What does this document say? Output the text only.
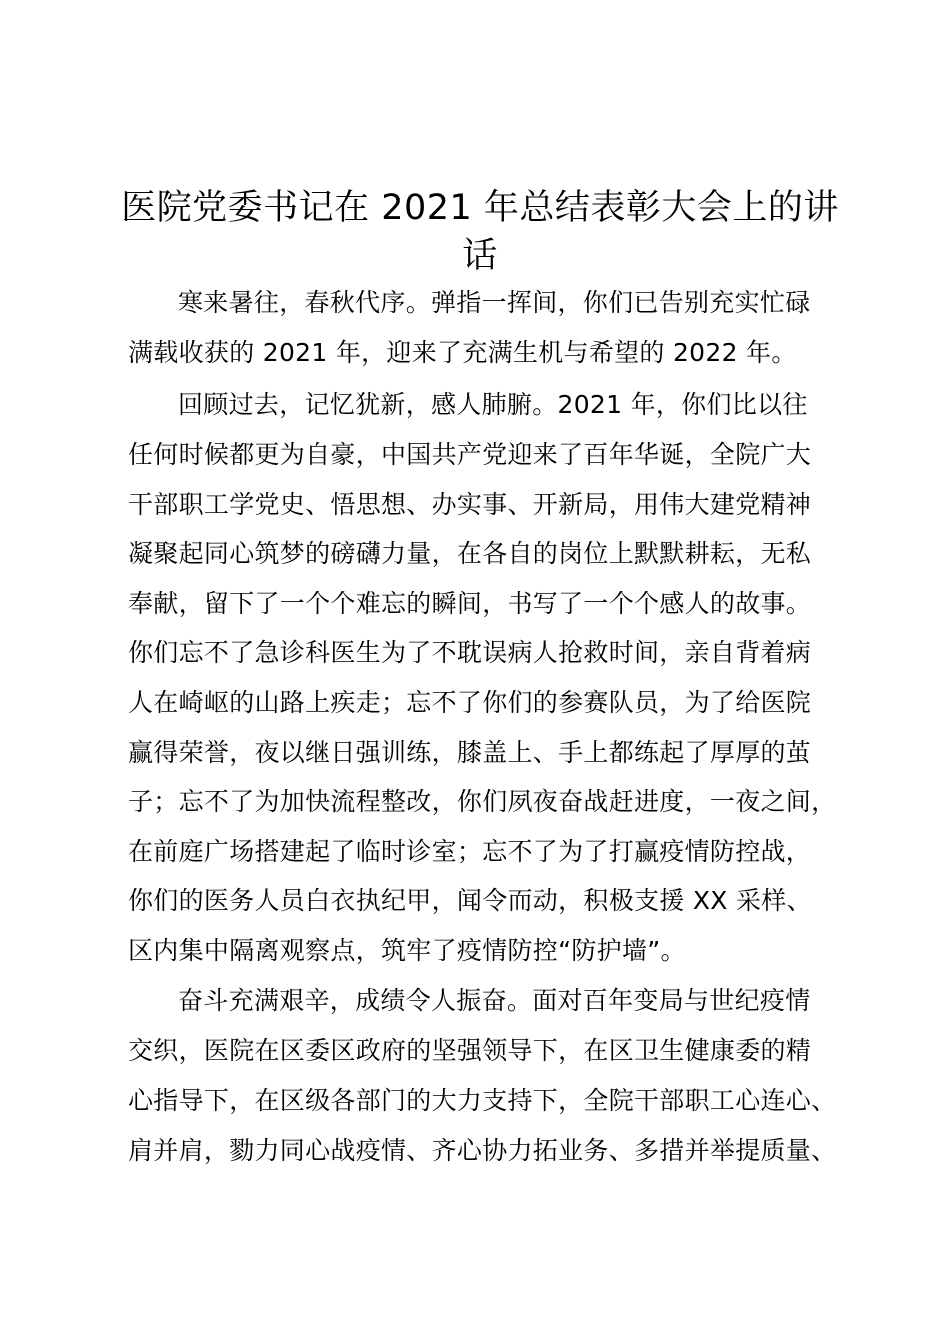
医院党委书记在 2021 年总结表彰大会上的讲
话
寒来暑往，春秋代序。弹指一挥间，你们已告别充实忙碌
满载收获的 2021 年，迎来了充满生机与希望的 2022 年。
回顾过去，记忆犹新，感人肺腑。2021 年，你们比以往
任何时候都更为自豪，中国共产党迎来了百年华诞，全院广大
干部职工学党史、悟思想、办实事、开新局，用伟大建党精神
凝聚起同心筑梦的磅礴力量，在各自的岗位上默默耕耘，无私
奉献，留下了一个个难忘的瞬间，书写了一个个感人的故事。
你们忘不了急诊科医生为了不耽误病人抢救时间，亲自背着病
人在崎岖的山路上疾走；忘不了你们的参赛队员，为了给医院
赢得荣誉，夜以继日强训练，膝盖上、手上都练起了厚厚的茧
子；忘不了为加快流程整改，你们夙夜奋战赶进度，一夜之间，
在前庭广场搭建起了临时诊室；忘不了为了打赢疫情防控战，
你们的医务人员白衣执纪甲，闻令而动，积极支援 XX 采样、
区内集中隔离观察点，筑牢了疫情防控“防护墙”。
奋斗充满艰辛，成绩令人振奋。面对百年变局与世纪疫情
交织，医院在区委区政府的坚强领导下，在区卫生健康委的精
心指导下，在区级各部门的大力支持下，全院干部职工心连心、
肩并肩，勠力同心战疫情、齐心协力拓业务、多措并举提质量、
